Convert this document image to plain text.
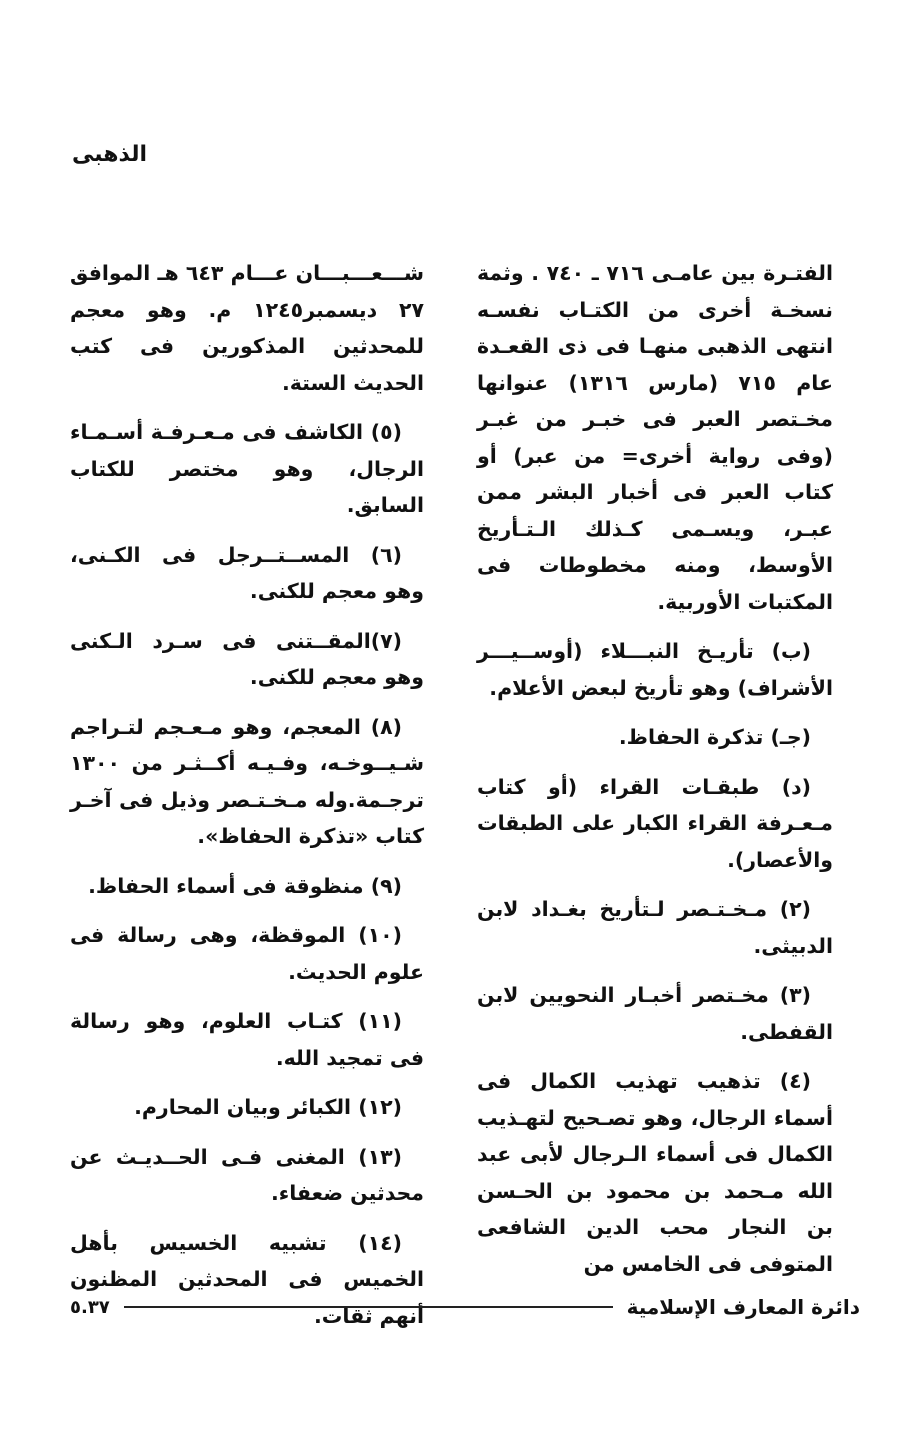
الذهبى

الفتـرة بين عامـى ٧١٦ ـ ٧٤٠ . وثمة نسخـة أخرى من الكتـاب نفسـه انتهى الذهبى منهـا فى ذى القعـدة عام ٧١٥ (مارس ١٣١٦) عنوانها مخـتصر العبر فى خبـر من غبـر (وفى رواية أخرى= من عبر) أو كتاب العبر فى أخبار البشر ممن عبـر، ويسـمى كـذلك الـتـأريخ الأوسط، ومنه مخطوطات فى المكتبات الأوربية.

(ب) تأريـخ النبـــلاء (أوســيـــر الأشراف) وهو تأريخ لبعض الأعلام.

(جـ) تذكرة الحفاظ.

(د) طبقـات القراء (أو كتاب مـعـرفة القراء الكبار على الطبقات والأعصار).

(٢) مـخـتـصر لـتأريخ بغـداد لابن الدبيثى.

(٣) مخـتصر أخبـار النحويين لابن القفطى.

(٤) تذهيب تهذيب الكمال فى أسماء الرجال، وهو تصـحيح لتهـذيب الكمال فى أسماء الـرجال لأبى عبد الله مـحمد بن محمود بن الحـسن بن النجار محب الدين الشافعى المتوفى فى الخامس من

شـــعـــبـــان عـــام ٦٤٣ هـ الموافق ٢٧ ديسمبر١٢٤٥ م. وهو معجم للمحدثين المذكورين فى كتب الحديث الستة.

(٥) الكاشف فى مـعـرفـة أسـمـاء الرجال، وهو مختصر للكتاب السابق.

(٦) المســتــرجل فى الكـنى، وهو معجم للكنى.

(٧)المقــتنى فى سـرد الـكنى وهو معجم للكنى.

(٨) المعجم، وهو مـعـجم لتـراجم شـيــوخـه، وفـيـه أكــثـر من ١٣٠٠ ترجـمة.وله مـخـتـصر وذيل فى آخـر كتاب «تذكرة الحفاظ».

(٩) منظوقة فى أسماء الحفاظ.

(١٠) الموقظة، وهى رسالة فى علوم الحديث.

(١١) كتـاب العلوم، وهو رسالة فى تمجيد الله.

(١٢) الكبائر وبيان المحارم.

(١٣) المغنى فـى الحــديـث عن محدثين ضعفاء.

(١٤) تشبيه الخسيس بأهل الخميس فى المحدثين المظنون أنهم ثقات.	دائرة المعارف الإسلامية
٥.٣٧
